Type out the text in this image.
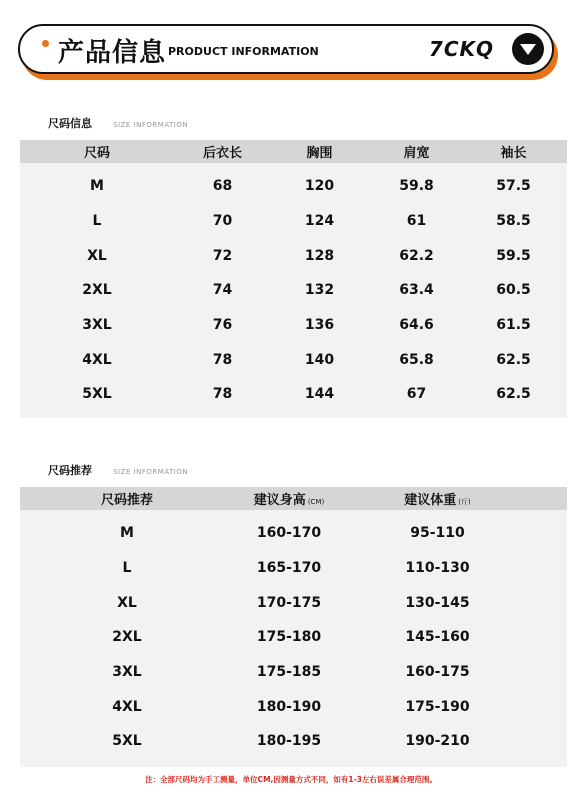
产品信息 PRODUCT INFORMATION	7CKQ
尺码信息	SIZE INFORMATION
尺码	后衣长	胸围	肩宽	袖长
M	68	120	59.8	57.5
L	70	124	61	58.5
XL	72	128	62.2	59.5
2XL	74	132	63.4	60.5
3XL	76	136	64.6	61.5
4XL	78	140	65.8	62.5
5XL	78	144	67	62.5
尺码推荐	SIZE INFORMATION
尺码推荐	建议身高 (CM)	建议体重 (斤)
M	160-170	95-110
L	165-170	110-130
XL	170-175	130-145
2XL	175-180	145-160
3XL	175-185	160-175
4XL	180-190	175-190
5XL	180-195	190-210
注：全部尺码均为手工测量，单位CM,因测量方式不同，如有1-3左右误差属合理范围。
